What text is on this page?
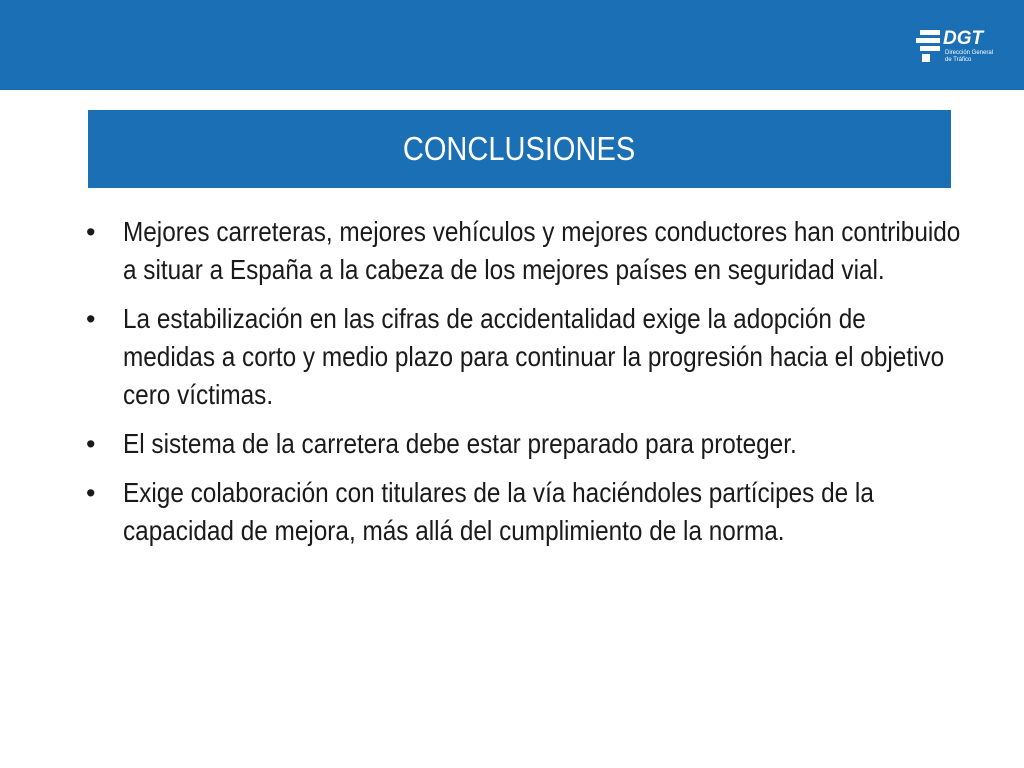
DGT
Dirección General
de Tráfico
CONCLUSIONES
•	Mejores carreteras, mejores vehículos y mejores conductores han contribuido a situar a España a la cabeza de los mejores países en seguridad vial.
•	La estabilización en las cifras de accidentalidad exige la adopción de medidas a corto y medio plazo para continuar la progresión hacia el objetivo cero víctimas.
•	El sistema de la carretera debe estar preparado para proteger.
•	Exige colaboración con titulares de la vía haciéndoles partícipes de la capacidad de mejora, más allá del cumplimiento de la norma.
